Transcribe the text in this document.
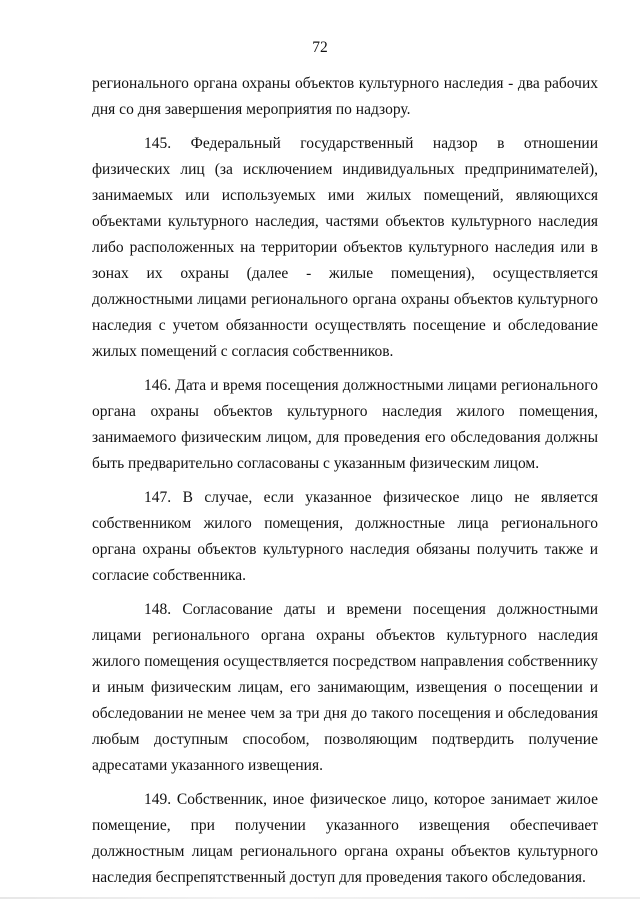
72

регионального органа охраны объектов культурного наследия - два рабочих дня со дня завершения мероприятия по надзору.

145. Федеральный государственный надзор в отношении физических лиц (за исключением индивидуальных предпринимателей), занимаемых или используемых ими жилых помещений, являющихся объектами культурного наследия, частями объектов культурного наследия либо расположенных на территории объектов культурного наследия или в зонах их охраны (далее - жилые помещения), осуществляется должностными лицами регионального органа охраны объектов культурного наследия с учетом обязанности осуществлять посещение и обследование жилых помещений с согласия собственников.

146. Дата и время посещения должностными лицами регионального органа охраны объектов культурного наследия жилого помещения, занимаемого физическим лицом, для проведения его обследования должны быть предварительно согласованы с указанным физическим лицом.

147. В случае, если указанное физическое лицо не является собственником жилого помещения, должностные лица регионального органа охраны объектов культурного наследия обязаны получить также и согласие собственника.

148. Согласование даты и времени посещения должностными лицами регионального органа охраны объектов культурного наследия жилого помещения осуществляется посредством направления собственнику и иным физическим лицам, его занимающим, извещения о посещении и обследовании не менее чем за три дня до такого посещения и обследования любым доступным способом, позволяющим подтвердить получение адресатами указанного извещения.

149. Собственник, иное физическое лицо, которое занимает жилое помещение, при получении указанного извещения обеспечивает должностным лицам регионального органа охраны объектов культурного наследия беспрепятственный доступ для проведения такого обследования.
